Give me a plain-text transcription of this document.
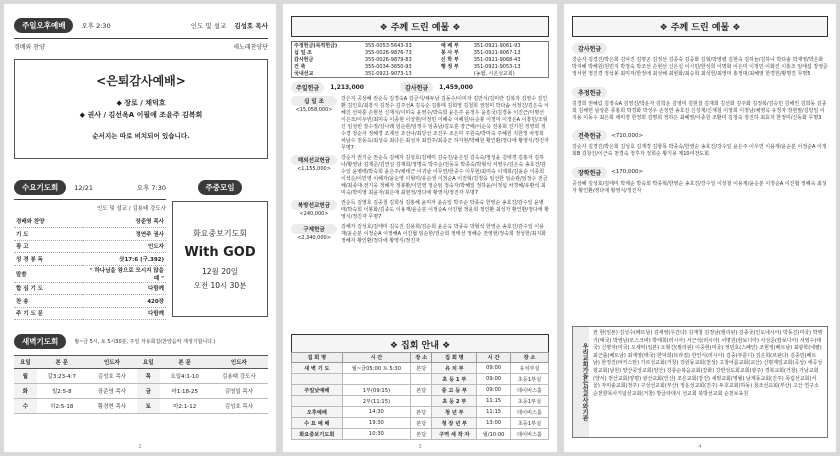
주일오후예배	오후 2:30	인도 및 설교 김성호 목사
경배와 찬양	새노래찬양단
<은퇴감사예배>
◆ 장로 / 채덕호
◆ 권사 / 김선옥A 이필애 조윤주 김복희
순서지는 따로 비치되어 있습니다.
수요기도회	12/21	오후 7:30
인도 및 설교 / 김용태 강도사
경배와 찬양	장준영 목사
기 도	정연주 권사
광 고	인도자
성 경 봉 독	삿17:6 (구.392)
말씀	" 하나님을 왕으로 모시지 않을 때 "
합 심 기 도	다함께
찬 송	420장
주 기 도 문	다함께
주중모임
화요중보기도회
With GOD
12월 20일
오전 10시 30분
새벽기도회	월~금 5시, 토 5시30분, 주일 자유회집(찬양음악 재생기합니다.)
요일	본 문	인도자	요일	본 문	인도자
월	갈3:23-4:7	김성호 목사	목	요일4:1-10	김용태 강도사
화	빌2:5-8	장준영 목사	금	마1:18-25	김영일 목사
수	히2:5-18	황경현 목사	토	마2:1-12	김성호 목사
2
❖ 주께 드린 예물 ❖
주정헌금(목적헌금)	355-0053-5643-33	예 배 부	351-0921-9061-93
십 일 조	355-0026-9876-73	봉 사 부	351-0921-9067-13
감사헌금	355-0026-9879-83	신 학 부	351-0921-9068-43
건 축	355-0034-3650-93	행 정 부	351-0921-9053-13
국내선교	351-0921-9073-13		(농협, 시온성교회)
주일헌금	1,213,000	감사헌금	1,459,000
십 일 조
<15,058,000>
강은지 공상혜 권순득 김경숙A 김금식/채두남 김동수/이미자 김만식/김미란 김복자 김영수 김인환 김인호/최흥식 김정수 김주선A 김옥순 김홍태 김희영 김철희 권정미 박다솜 서정진/김은숙 서혜진 선덕훈 손현선 신재식/이미숙 윤영수/박숙희 윤은주 윤정우 윤흥국/김경동 이진근/이명선 이은조/이우빈/최미숙 이종현 이상현/이정민 이혜숙 이혜원/유순봉 이정미 이정은A 이흥민/조형신 임성빈 장수정/김나래 임순관/임정수 임종남/김도훈 장근배/이순옥 전용희 진기원 정영희 정수경 정순자 정혜경 조계선 조선나/최당선 조진우 조은미 주원숙/박미숙 주혜원 지한정 차정희 차남수 천동옥/최성숙 최다은 최성자 최연주/최종군 하자현/박혜원 황인환/정다애 황영식/정진자 무명7
해외선교헌금
<1,155,000>
강순자 권기순 권순득 김해자 김성호/김태미 김숙진/윤은일 김옥숙/정성윤 김태경 김홍자 김하나/황영남 김재준/김연실 김재희/정명숙 박주순/전동욱 박종숙/박형석 서영우/김은숙 송호진/감수일 윤병태/박숙희 윤은주/채태근 이귀남 이무연/한중수 이무현/최미숙 이재희/김윤순 이종희 이석순/이민영 이혜자/윤순영 이형미/유순생 이정순A 이진혁/김정웅 임선한 임순관/임정수 전금해/최종대 전기웅 정혜자 정봉환/이민영 정순임 정숙자/박혜일 정하윤/이정섭 차경혜/유환석 최미숙/박미영 최윤자/최은애 최현정/정다애 황영식/정진자 무명7
북방선교헌금
<240,000>
권순득 김영호 김종철 김희성 김홍혜 윤미자 윤승일 박주순 박종숙 한영순 송호진/감수일 윤병태/박숙희 이봉화/김종도 이용재/윤순분 이정순A 이진협 정윤희 정인환 최성자 황인환/정다애 황영식/정진자 무명7
구제헌금
<2,340,000>
김해자 김성호/김태미 김옥진 김용희/김순희 윤순옥 박종숙 박형석 한영순 송호진/감수일 이용재/윤순분 이정순A 이정해A 이진협 임순한/전순희 정태선 정혜순 전영현/정숙희 정성헌/최지화 정혜자 황인환/정다애 황영식/정진자
❖ 집회 안내 ❖
집 회 명	시 간	장 소	집 회 명	시 간	장 소
새 벽 기 도	월~금05:00 토 5:30	본당	유 치 부	09:00	유치부실
			초 등 1 부	09:00	초등1부실
주일낮예배	1부(09:15)	본당	중 고 등 부	09:00	데이비스홀
	2부(11:15)		초 등 2 부	11:15	초등1부실
오후예배	14:30	본당	청 년 부	11:15	데이비스홀
수 요 예 배	19:30	본당	청 장 년 부	13:00	초등1부실
화요중보기도회	10:30	본당	구역 세 작 자	월/10:00	데이비스홀
3
❖ 주께 드린 예물 ❖
감사헌금
강순자 김경진/박은희 김덕진 김명곤 김정선 김종숙 김중화 김형/박영렬 김현숙 김하늘/김하나 박다솔 박재영/박은화 박지혜 박해원/원민지 박정숙 박조선 손현선 신은실 이시민/한성희 이명화 이은미 이정민 이화진 이홍조 임태섭 장영준 정서현 정진경 정석봉 최미자/한정애 최성해 최현화/최승희 최석헌/최영미 홍정대/최혜영 한경원/황명진 무명5
추정헌금
김경희 권혜림 김정숙A 김영진/박운자 김학운 김영미 김현철 김재희 김선화 김주화 김정복/김승민 김해린 김희동 김종희 김해헌 남상훈 류홍희 박경화 박성우 손정연 송호진 신성재/신재철 이정희 이정남/채영옥 유정자 장현필/김양일 이지용 이동수 최은희 채미경 한정희 김명희 정하은 최혜영/이종원 조환미 김청숙 정진하 최효자 한정미/신동화 무명3
건축헌금	<710,000>
강순자 김경진/박은희 김성호 김재경 김항목 박종숙/한영순 송호진/강수일 윤은주 이우연 이용재/윤순분 이정순A 이정희B 김창진/이근숙 천경숙 정후자 정희순 황기용 제10여전도회
장학헌금	<170,000>
공상혜 김성호/김태미 박계순 박숙희 박종혁/한영순 송호진/강수일 이상철 이용재/윤순분 이정순A 이진협 정혜숙 최성자 황인환/정다애 황영식/정진자
우리교회가돕는선교사와기관
권 현(일본) 김성수(베트남) 김세영(우간다) 김재청 김정남(필리핀) 김종국(인도네시아) 박동진(미국) 박명기(태국) 박영남(모스크바) 박태희(러시아) 서근석(러시아) 서명원(캄보디아) 서성준(캄보디아) 서영수(태국) 신명자(미국) 오세익(일본) 오형건(필리핀) 이중현(미국) 정민호(스페인) 조현정(베트남) 최광학(네팔) 최근출(베트남) 최재영(태국) 한덕희(브라질) 한인식(러시아) 김중(부룬디) 김은희(르완다) 김종민(베트남) 한정진(파키스탄) 가르성교회(거창) 강원동교회(천성) 고창어름교회(교산) 신평제일교회(곡성) 세곡성광교회(남원) 양산중앙교회(양산) 강릉순복음교회(강화) 강반성도회교회(광주) 경북교회(거창) 가남교회(양서) 천산교회(양평) 광산교회(인산) 조은교회(강진) 새벗교회(영월) 남제동교회(진주) 목림선교회(서울) 자미솔교회(정주) 구성선교회(부산) 정운성교회(진주) 두호교회(하동) 창조선교회(부산) 고산 연구소 순천향목사기념선교회(거창) 방글라데시 선교회 북방선교회 순천보육원
4
